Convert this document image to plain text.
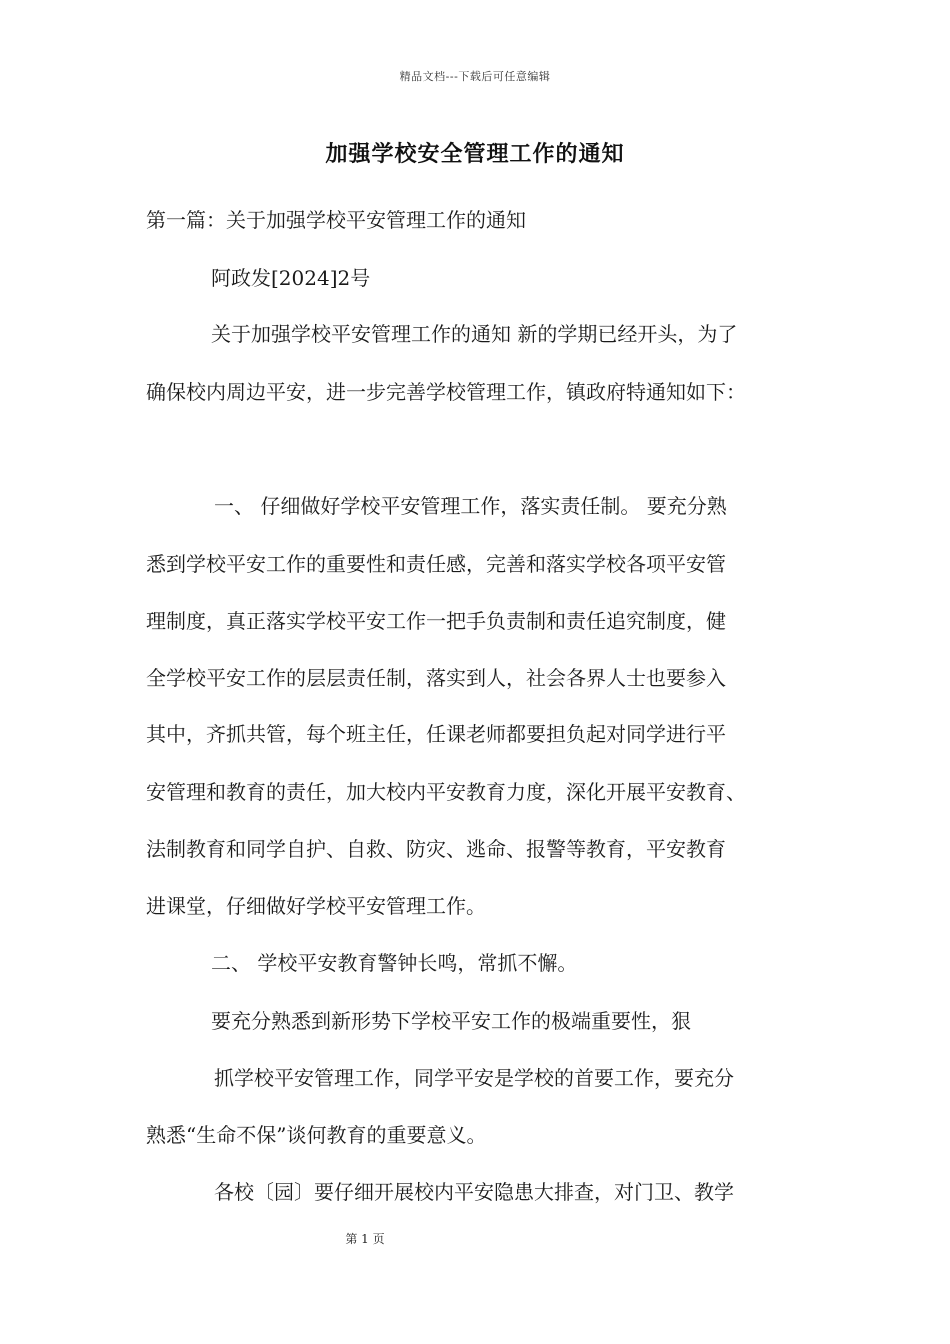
精品文档---下载后可任意编辑
加强学校安全管理工作的通知
第一篇：关于加强学校平安管理工作的通知
阿政发[2024]2号
关于加强学校平安管理工作的通知 新的学期已经开头，为了
确保校内周边平安，进一步完善学校管理工作，镇政府特通知如下：
一、 仔细做好学校平安管理工作，落实责任制。 要充分熟
悉到学校平安工作的重要性和责任感，完善和落实学校各项平安管
理制度，真正落实学校平安工作一把手负责制和责任追究制度，健
全学校平安工作的层层责任制，落实到人，社会各界人士也要参入
其中，齐抓共管，每个班主任，任课老师都要担负起对同学进行平
安管理和教育的责任，加大校内平安教育力度，深化开展平安教育、
法制教育和同学自护、自救、防灾、逃命、报警等教育，平安教育
进课堂，仔细做好学校平安管理工作。
二、 学校平安教育警钟长鸣，常抓不懈。
要充分熟悉到新形势下学校平安工作的极端重要性，狠
抓学校平安管理工作，同学平安是学校的首要工作，要充分
熟悉“生命不保”谈何教育的重要意义。
各校〔园〕要仔细开展校内平安隐患大排查，对门卫、教学
第 1 页
